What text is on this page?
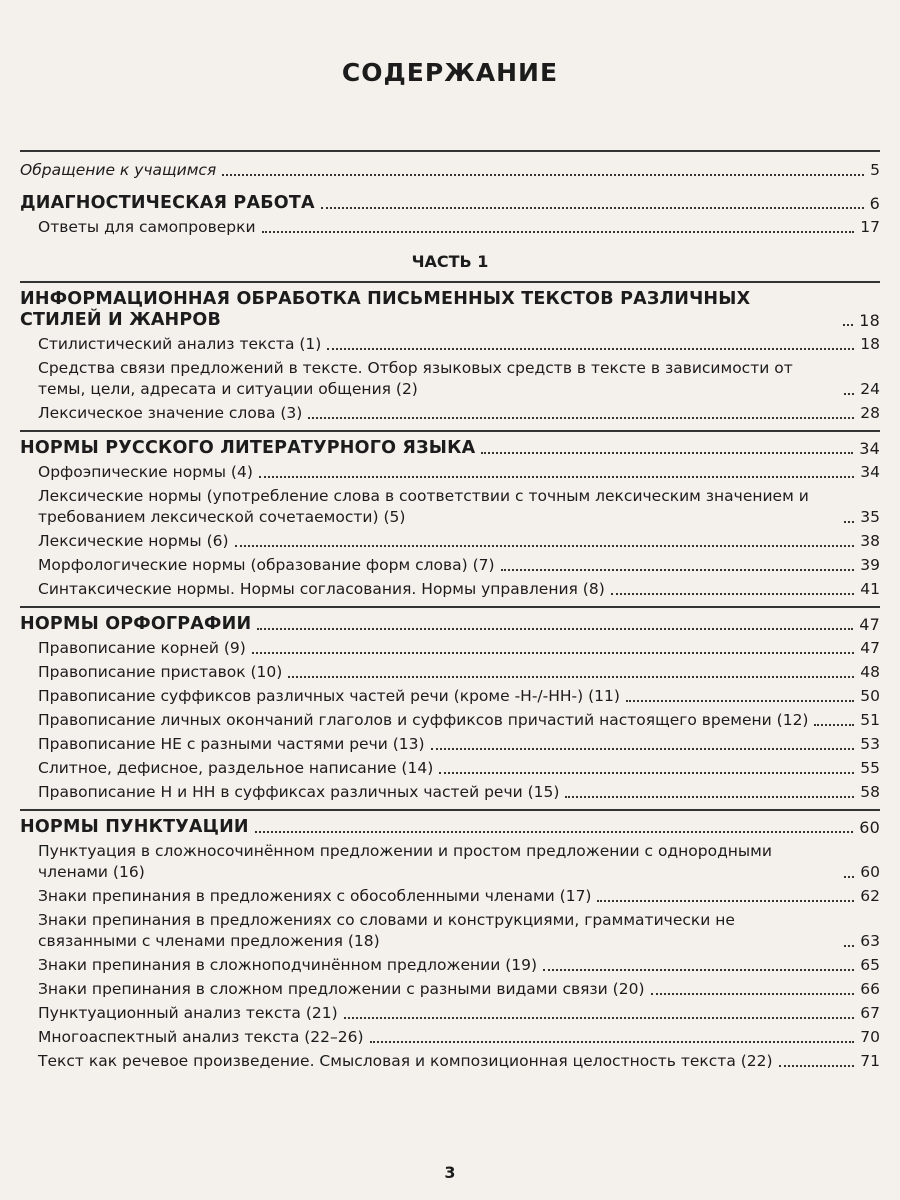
СОДЕРЖАНИЕ
Обращение к учащимся	5
ДИАГНОСТИЧЕСКАЯ РАБОТА	6
Ответы для самопроверки	17
ЧАСТЬ 1
ИНФОРМАЦИОННАЯ ОБРАБОТКА ПИСЬМЕННЫХ ТЕКСТОВ РАЗЛИЧНЫХ СТИЛЕЙ И ЖАНРОВ	18
Стилистический анализ текста (1)	18
Средства связи предложений в тексте. Отбор языковых средств в тексте в зависимости от темы, цели, адресата и ситуации общения (2)	24
Лексическое значение слова (3)	28
НОРМЫ РУССКОГО ЛИТЕРАТУРНОГО ЯЗЫКА	34
Орфоэпические нормы (4)	34
Лексические нормы (употребление слова в соответствии с точным лексическим значением и требованием лексической сочетаемости) (5)	35
Лексические нормы (6)	38
Морфологические нормы (образование форм слова) (7)	39
Синтаксические нормы. Нормы согласования. Нормы управления (8)	41
НОРМЫ ОРФОГРАФИИ	47
Правописание корней (9)	47
Правописание приставок (10)	48
Правописание суффиксов различных частей речи (кроме -Н-/-НН-) (11)	50
Правописание личных окончаний глаголов и суффиксов причастий настоящего времени (12)	51
Правописание НЕ с разными частями речи (13)	53
Слитное, дефисное, раздельное написание (14)	55
Правописание Н и НН в суффиксах различных частей речи (15)	58
НОРМЫ ПУНКТУАЦИИ	60
Пунктуация в сложносочинённом предложении и простом предложении с однородными членами (16)	60
Знаки препинания в предложениях с обособленными членами (17)	62
Знаки препинания в предложениях со словами и конструкциями, грамматически не связанными с членами предложения (18)	63
Знаки препинания в сложноподчинённом предложении (19)	65
Знаки препинания в сложном предложении с разными видами связи (20)	66
Пунктуационный анализ текста (21)	67
Многоаспектный анализ текста (22–26)	70
Текст как речевое произведение. Смысловая и композиционная целостность текста (22)	71
3
